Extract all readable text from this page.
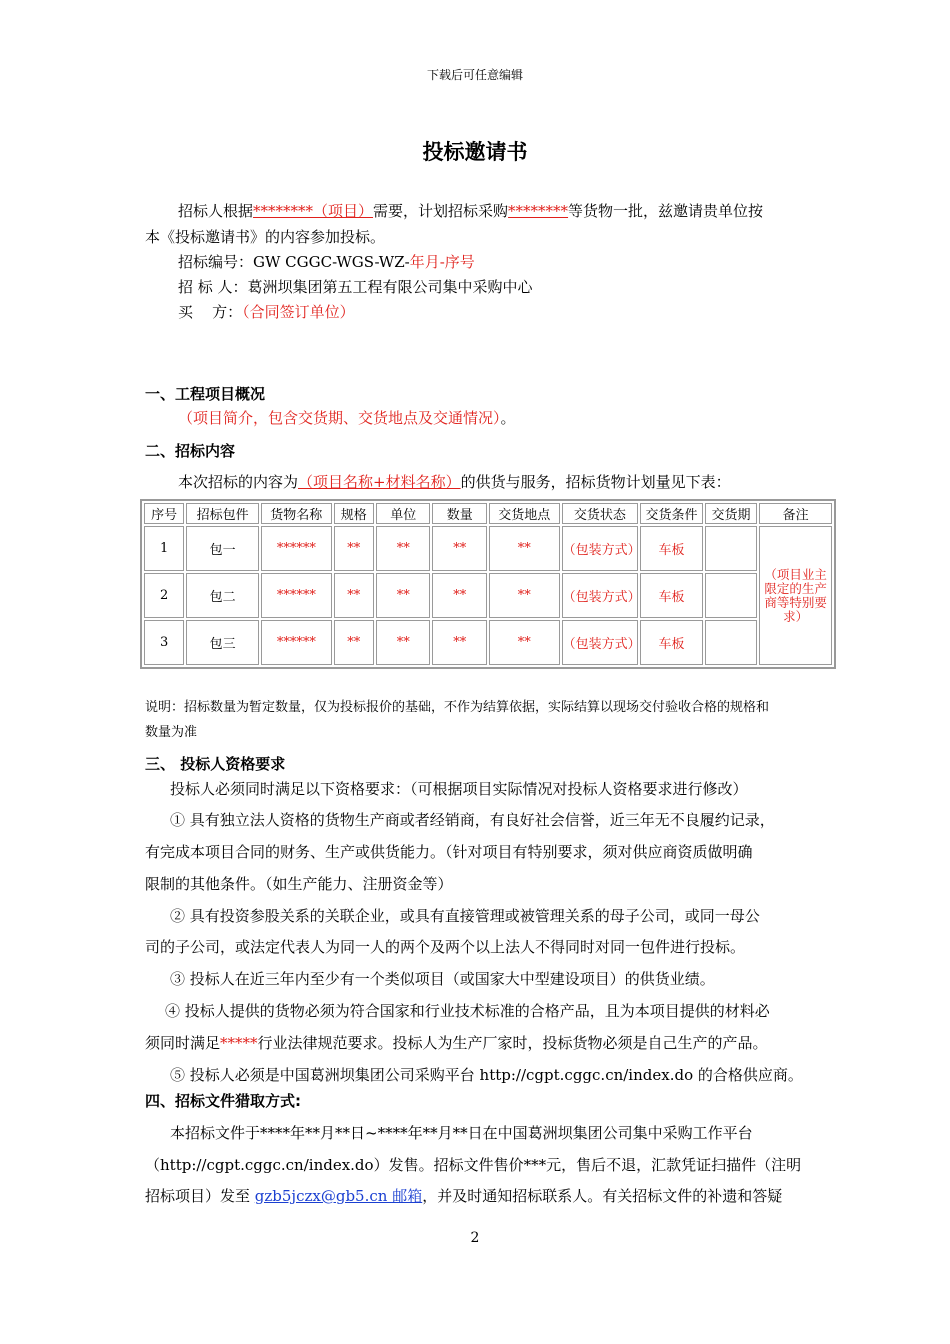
下载后可任意编辑
投标邀请书
招标人根据********（项目）需要，计划招标采购********等货物一批，兹邀请贵单位按
本《投标邀请书》的内容参加投标。
招标编号：GW CGGC-WGS-WZ-年月-序号
招 标 人：葛洲坝集团第五工程有限公司集中采购中心
买    方：（合同签订单位）
一、工程项目概况
（项目简介，包含交货期、交货地点及交通情况）。
二、招标内容
本次招标的内容为（项目名称+材料名称）的供货与服务，招标货物计划量见下表：
序号	招标包件	货物名称	规格	单位	数量	交货地点	交货状态	交货条件	交货期	备注
1	包一	******	**	**	**	**	（包装方式）	车板		（项目业主限定的生产商等特别要求）
2	包二	******	**	**	**	**	（包装方式）	车板		
3	包三	******	**	**	**	**	（包装方式）	车板		
说明：招标数量为暂定数量，仅为投标报价的基础，不作为结算依据，实际结算以现场交付验收合格的规格和
数量为准
三、 投标人资格要求
投标人必须同时满足以下资格要求：（可根据项目实际情况对投标人资格要求进行修改）
① 具有独立法人资格的货物生产商或者经销商，有良好社会信誉，近三年无不良履约记录，
有完成本项目合同的财务、生产或供货能力。（针对项目有特别要求，须对供应商资质做明确
限制的其他条件。（如生产能力、注册资金等）
② 具有投资参股关系的关联企业，或具有直接管理或被管理关系的母子公司，或同一母公
司的子公司，或法定代表人为同一人的两个及两个以上法人不得同时对同一包件进行投标。
③ 投标人在近三年内至少有一个类似项目（或国家大中型建设项目）的供货业绩。
④ 投标人提供的货物必须为符合国家和行业技术标准的合格产品，且为本项目提供的材料必
须同时满足*****行业法律规范要求。投标人为生产厂家时，投标货物必须是自己生产的产品。
⑤ 投标人必须是中国葛洲坝集团公司采购平台 http://cgpt.cggc.cn/index.do 的合格供应商。
四、招标文件猎取方式:
本招标文件于****年**月**日~****年**月**日在中国葛洲坝集团公司集中采购工作平台
（http://cgpt.cggc.cn/index.do）发售。招标文件售价***元，售后不退，汇款凭证扫描件（注明
招标项目）发至 gzb5jczx@gb5.cn 邮箱，并及时通知招标联系人。有关招标文件的补遗和答疑
2
